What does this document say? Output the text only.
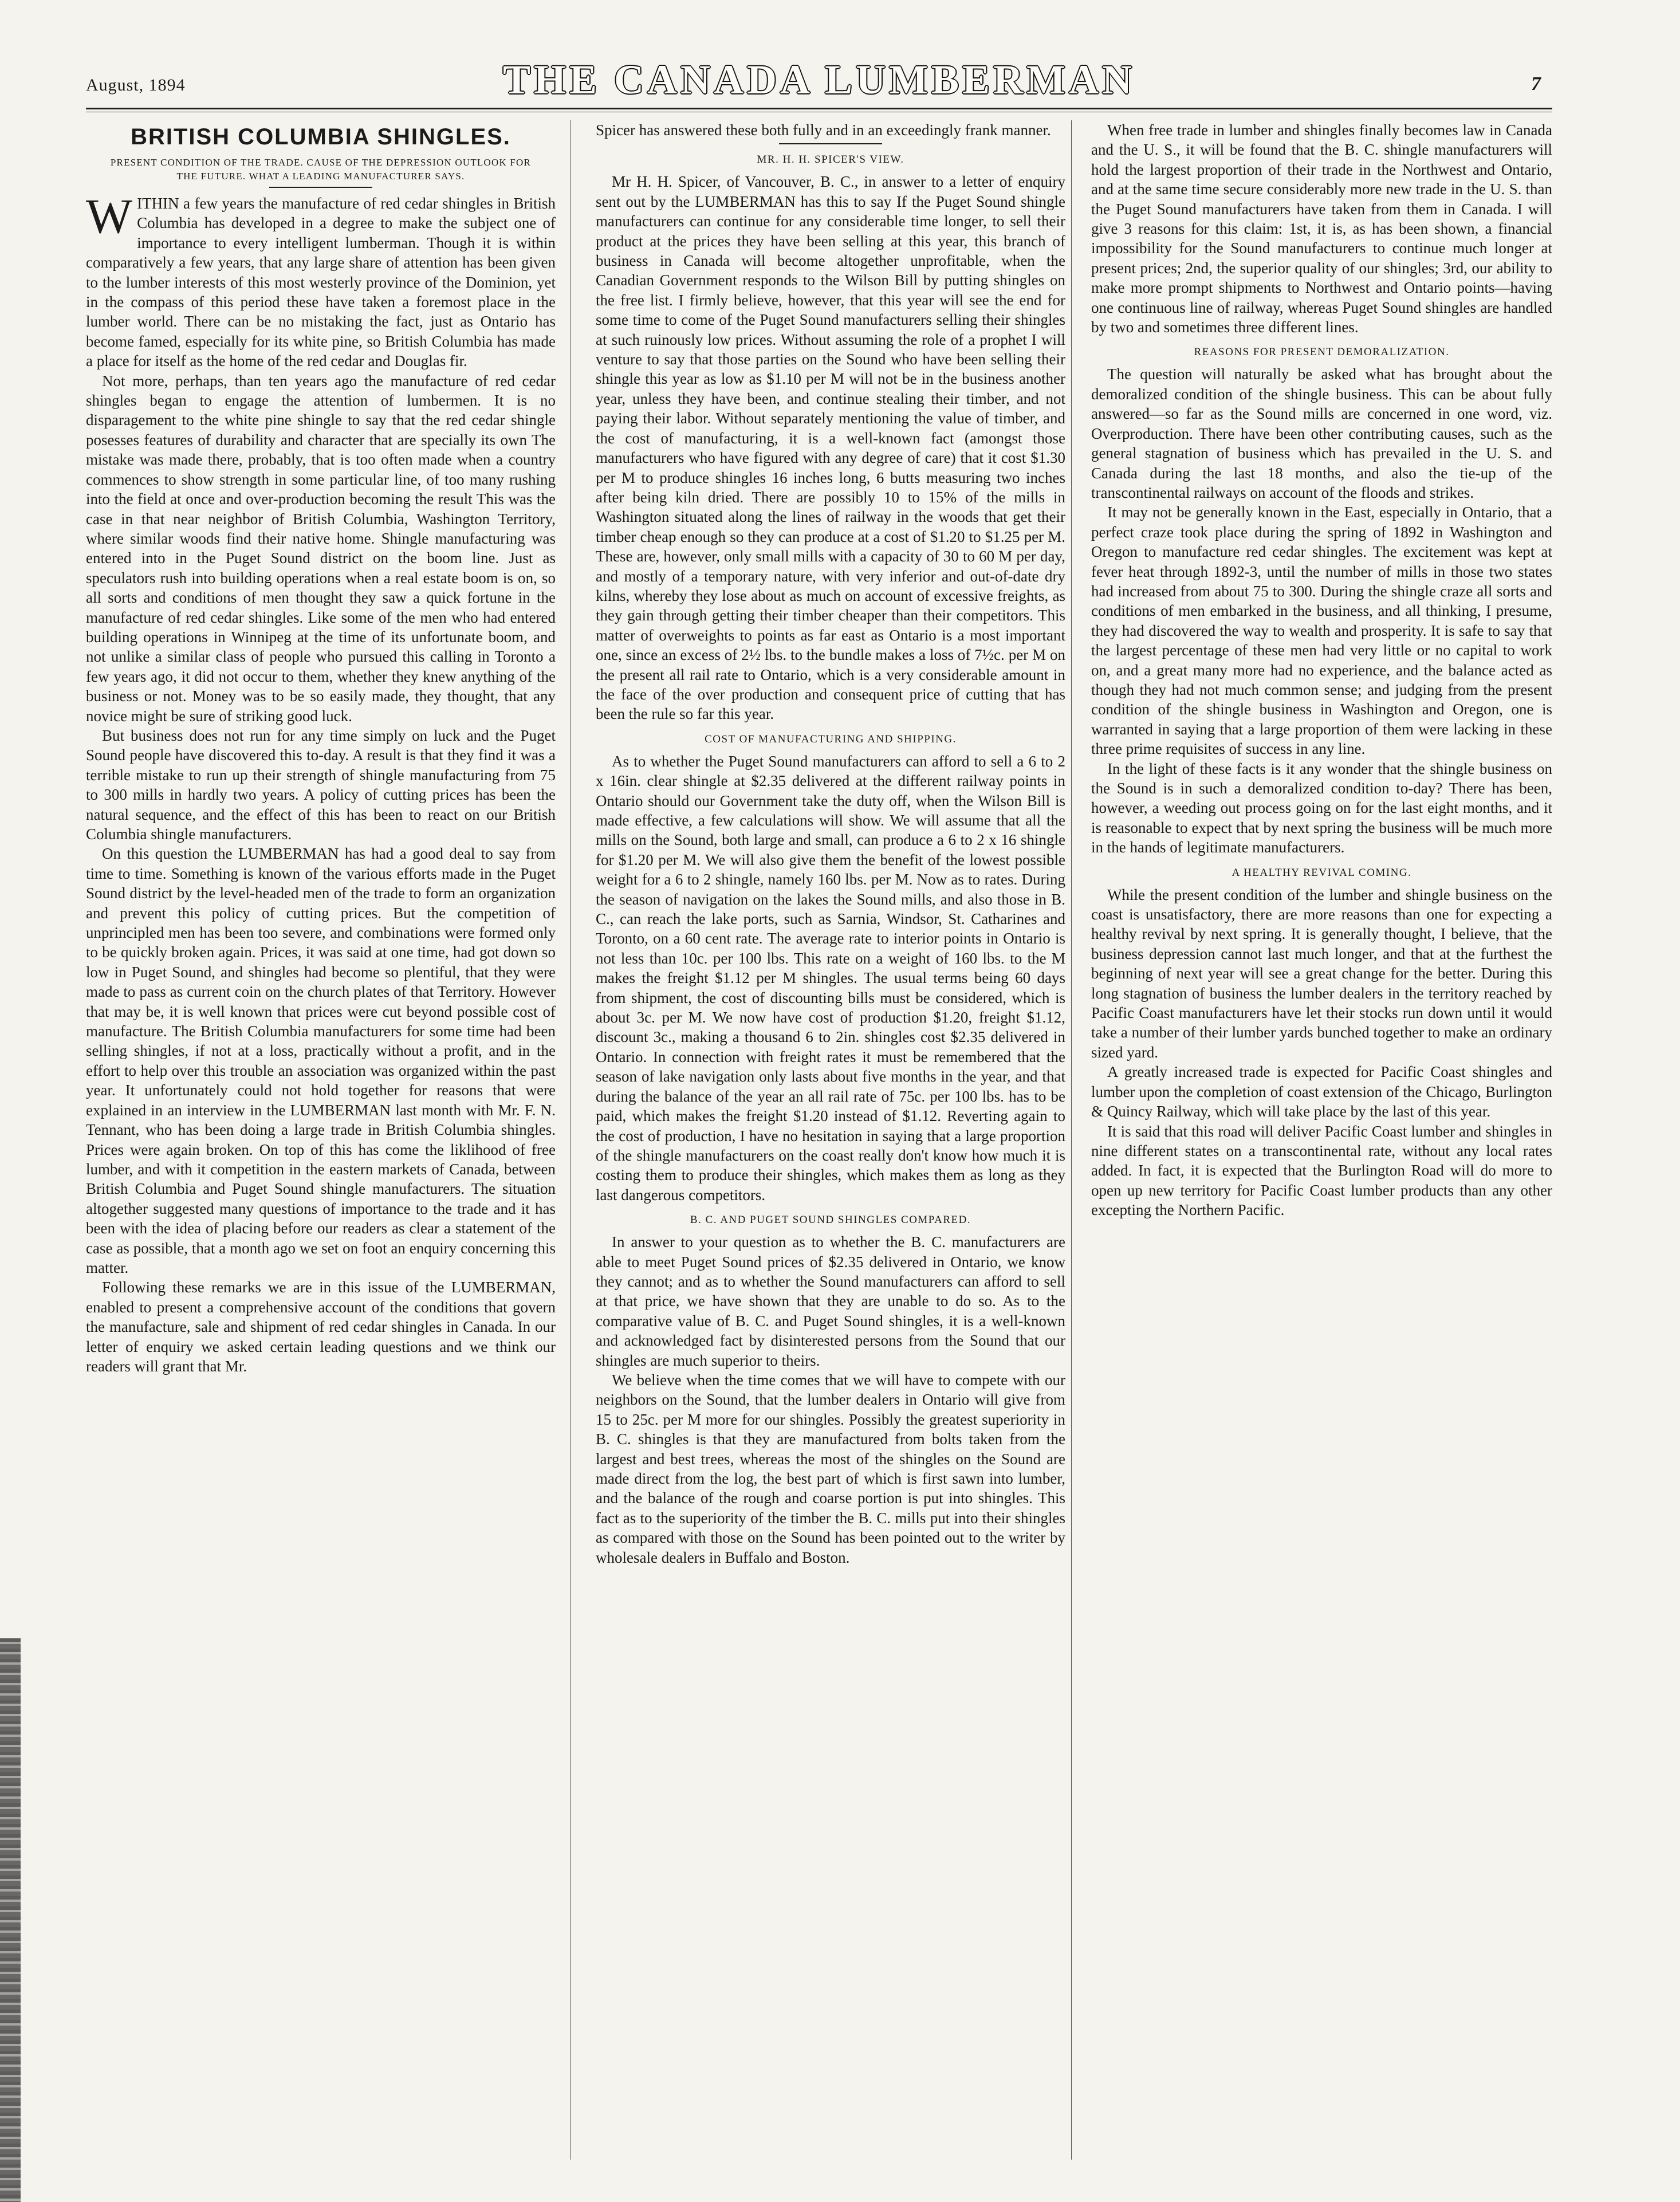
August, 1894	THE CANADA LUMBERMAN	7
BRITISH COLUMBIA SHINGLES.
PRESENT CONDITION OF THE TRADE. CAUSE OF THE DEPRESSION OUTLOOK FOR THE FUTURE. WHAT A LEADING MANUFACTURER SAYS.

WITHIN a few years the manufacture of red cedar shingles in British Columbia has developed in a degree to make the subject one of importance to every intelligent lumberman. Though it is within comparatively a few years, that any large share of attention has been given to the lumber interests of this most westerly province of the Dominion, yet in the compass of this period these have taken a foremost place in the lumber world. There can be no mistaking the fact, just as Ontario has become famed, especially for its white pine, so British Columbia has made a place for itself as the home of the red cedar and Douglas fir.

Not more, perhaps, than ten years ago the manufacture of red cedar shingles began to engage the attention of lumbermen. It is no disparagement to the white pine shingle to say that the red cedar shingle posesses features of durability and character that are specially its own The mistake was made there, probably, that is too often made when a country commences to show strength in some particular line, of too many rushing into the field at once and over-production becoming the result This was the case in that near neighbor of British Columbia, Washington Territory, where similar woods find their native home. Shingle manufacturing was entered into in the Puget Sound district on the boom line. Just as speculators rush into building operations when a real estate boom is on, so all sorts and conditions of men thought they saw a quick fortune in the manufacture of red cedar shingles. Like some of the men who had entered building operations in Winnipeg at the time of its unfortunate boom, and not unlike a similar class of people who pursued this calling in Toronto a few years ago, it did not occur to them, whether they knew anything of the business or not. Money was to be so easily made, they thought, that any novice might be sure of striking good luck.

But business does not run for any time simply on luck and the Puget Sound people have discovered this to-day. A result is that they find it was a terrible mistake to run up their strength of shingle manufacturing from 75 to 300 mills in hardly two years. A policy of cutting prices has been the natural sequence, and the effect of this has been to react on our British Columbia shingle manufacturers.

On this question the LUMBERMAN has had a good deal to say from time to time. Something is known of the various efforts made in the Puget Sound district by the level-headed men of the trade to form an organization and prevent this policy of cutting prices. But the competition of unprincipled men has been too severe, and combinations were formed only to be quickly broken again. Prices, it was said at one time, had got down so low in Puget Sound, and shingles had become so plentiful, that they were made to pass as current coin on the church plates of that Territory. However that may be, it is well known that prices were cut beyond possible cost of manufacture. The British Columbia manufacturers for some time had been selling shingles, if not at a loss, practically without a profit, and in the effort to help over this trouble an association was organized within the past year. It unfortunately could not hold together for reasons that were explained in an interview in the LUMBERMAN last month with Mr. F. N. Tennant, who has been doing a large trade in British Columbia shingles. Prices were again broken. On top of this has come the liklihood of free lumber, and with it competition in the eastern markets of Canada, between British Columbia and Puget Sound shingle manufacturers. The situation altogether suggested many questions of importance to the trade and it has been with the idea of placing before our readers as clear a statement of the case as possible, that a month ago we set on foot an enquiry concerning this matter.

Following these remarks we are in this issue of the LUMBERMAN, enabled to present a comprehensive account of the conditions that govern the manufacture, sale and shipment of red cedar shingles in Canada. In our letter of enquiry we asked certain leading questions and we think our readers will grant that Mr.

Spicer has answered these both fully and in an exceedingly frank manner.

MR. H. H. SPICER'S VIEW.

Mr H. H. Spicer, of Vancouver, B. C., in answer to a letter of enquiry sent out by the LUMBERMAN has this to say If the Puget Sound shingle manufacturers can continue for any considerable time longer, to sell their product at the prices they have been selling at this year, this branch of business in Canada will become altogether unprofitable, when the Canadian Government responds to the Wilson Bill by putting shingles on the free list. I firmly believe, however, that this year will see the end for some time to come of the Puget Sound manufacturers selling their shingles at such ruinously low prices. Without assuming the role of a prophet I will venture to say that those parties on the Sound who have been selling their shingle this year as low as $1.10 per M will not be in the business another year, unless they have been, and continue stealing their timber, and not paying their labor. Without separately mentioning the value of timber, and the cost of manufacturing, it is a well-known fact (amongst those manufacturers who have figured with any degree of care) that it cost $1.30 per M to produce shingles 16 inches long, 6 butts measuring two inches after being kiln dried. There are possibly 10 to 15% of the mills in Washington situated along the lines of railway in the woods that get their timber cheap enough so they can produce at a cost of $1.20 to $1.25 per M. These are, however, only small mills with a capacity of 30 to 60 M per day, and mostly of a temporary nature, with very inferior and out-of-date dry kilns, whereby they lose about as much on account of excessive freights, as they gain through getting their timber cheaper than their competitors. This matter of overweights to points as far east as Ontario is a most important one, since an excess of 2½ lbs. to the bundle makes a loss of 7½c. per M on the present all rail rate to Ontario, which is a very considerable amount in the face of the over production and consequent price of cutting that has been the rule so far this year.

COST OF MANUFACTURING AND SHIPPING.

As to whether the Puget Sound manufacturers can afford to sell a 6 to 2 x 16in. clear shingle at $2.35 delivered at the different railway points in Ontario should our Government take the duty off, when the Wilson Bill is made effective, a few calculations will show. We will assume that all the mills on the Sound, both large and small, can produce a 6 to 2 x 16 shingle for $1.20 per M. We will also give them the benefit of the lowest possible weight for a 6 to 2 shingle, namely 160 lbs. per M. Now as to rates. During the season of navigation on the lakes the Sound mills, and also those in B. C., can reach the lake ports, such as Sarnia, Windsor, St. Catharines and Toronto, on a 60 cent rate. The average rate to interior points in Ontario is not less than 10c. per 100 lbs. This rate on a weight of 160 lbs. to the M makes the freight $1.12 per M shingles. The usual terms being 60 days from shipment, the cost of discounting bills must be considered, which is about 3c. per M. We now have cost of production $1.20, freight $1.12, discount 3c., making a thousand 6 to 2in. shingles cost $2.35 delivered in Ontario. In connection with freight rates it must be remembered that the season of lake navigation only lasts about five months in the year, and that during the balance of the year an all rail rate of 75c. per 100 lbs. has to be paid, which makes the freight $1.20 instead of $1.12. Reverting again to the cost of production, I have no hesitation in saying that a large proportion of the shingle manufacturers on the coast really don't know how much it is costing them to produce their shingles, which makes them as long as they last dangerous competitors.

B. C. AND PUGET SOUND SHINGLES COMPARED.

In answer to your question as to whether the B. C. manufacturers are able to meet Puget Sound prices of $2.35 delivered in Ontario, we know they cannot; and as to whether the Sound manufacturers can afford to sell at that price, we have shown that they are unable to do so. As to the comparative value of B. C. and Puget Sound shingles, it is a well-known and acknowledged fact by disinterested persons from the Sound that our shingles are much superior to theirs.

We believe when the time comes that we will have to compete with our neighbors on the Sound, that the lumber dealers in Ontario will give from 15 to 25c. per M more for our shingles. Possibly the greatest superiority in B. C. shingles is that they are manufactured from bolts taken from the largest and best trees, whereas the most of the shingles on the Sound are made direct from the log, the best part of which is first sawn into lumber, and the balance of the rough and coarse portion is put into shingles. This fact as to the superiority of the timber the B. C. mills put into their shingles as compared with those on the Sound has been pointed out to the writer by wholesale dealers in Buffalo and Boston.

When free trade in lumber and shingles finally becomes law in Canada and the U. S., it will be found that the B. C. shingle manufacturers will hold the largest proportion of their trade in the Northwest and Ontario, and at the same time secure considerably more new trade in the U. S. than the Puget Sound manufacturers have taken from them in Canada. I will give 3 reasons for this claim: 1st, it is, as has been shown, a financial impossibility for the Sound manufacturers to continue much longer at present prices; 2nd, the superior quality of our shingles; 3rd, our ability to make more prompt shipments to Northwest and Ontario points—having one continuous line of railway, whereas Puget Sound shingles are handled by two and sometimes three different lines.

REASONS FOR PRESENT DEMORALIZATION.

The question will naturally be asked what has brought about the demoralized condition of the shingle business. This can be about fully answered—so far as the Sound mills are concerned in one word, viz. Overproduction. There have been other contributing causes, such as the general stagnation of business which has prevailed in the U. S. and Canada during the last 18 months, and also the tie-up of the transcontinental railways on account of the floods and strikes.

It may not be generally known in the East, especially in Ontario, that a perfect craze took place during the spring of 1892 in Washington and Oregon to manufacture red cedar shingles. The excitement was kept at fever heat through 1892-3, until the number of mills in those two states had increased from about 75 to 300. During the shingle craze all sorts and conditions of men embarked in the business, and all thinking, I presume, they had discovered the way to wealth and prosperity. It is safe to say that the largest percentage of these men had very little or no capital to work on, and a great many more had no experience, and the balance acted as though they had not much common sense; and judging from the present condition of the shingle business in Washington and Oregon, one is warranted in saying that a large proportion of them were lacking in these three prime requisites of success in any line.

In the light of these facts is it any wonder that the shingle business on the Sound is in such a demoralized condition to-day? There has been, however, a weeding out process going on for the last eight months, and it is reasonable to expect that by next spring the business will be much more in the hands of legitimate manufacturers.

A HEALTHY REVIVAL COMING.

While the present condition of the lumber and shingle business on the coast is unsatisfactory, there are more reasons than one for expecting a healthy revival by next spring. It is generally thought, I believe, that the business depression cannot last much longer, and that at the furthest the beginning of next year will see a great change for the better. During this long stagnation of business the lumber dealers in the territory reached by Pacific Coast manufacturers have let their stocks run down until it would take a number of their lumber yards bunched together to make an ordinary sized yard.

A greatly increased trade is expected for Pacific Coast shingles and lumber upon the completion of coast extension of the Chicago, Burlington & Quincy Railway, which will take place by the last of this year.

It is said that this road will deliver Pacific Coast lumber and shingles in nine different states on a transcontinental rate, without any local rates added. In fact, it is expected that the Burlington Road will do more to open up new territory for Pacific Coast lumber products than any other excepting the Northern Pacific.
